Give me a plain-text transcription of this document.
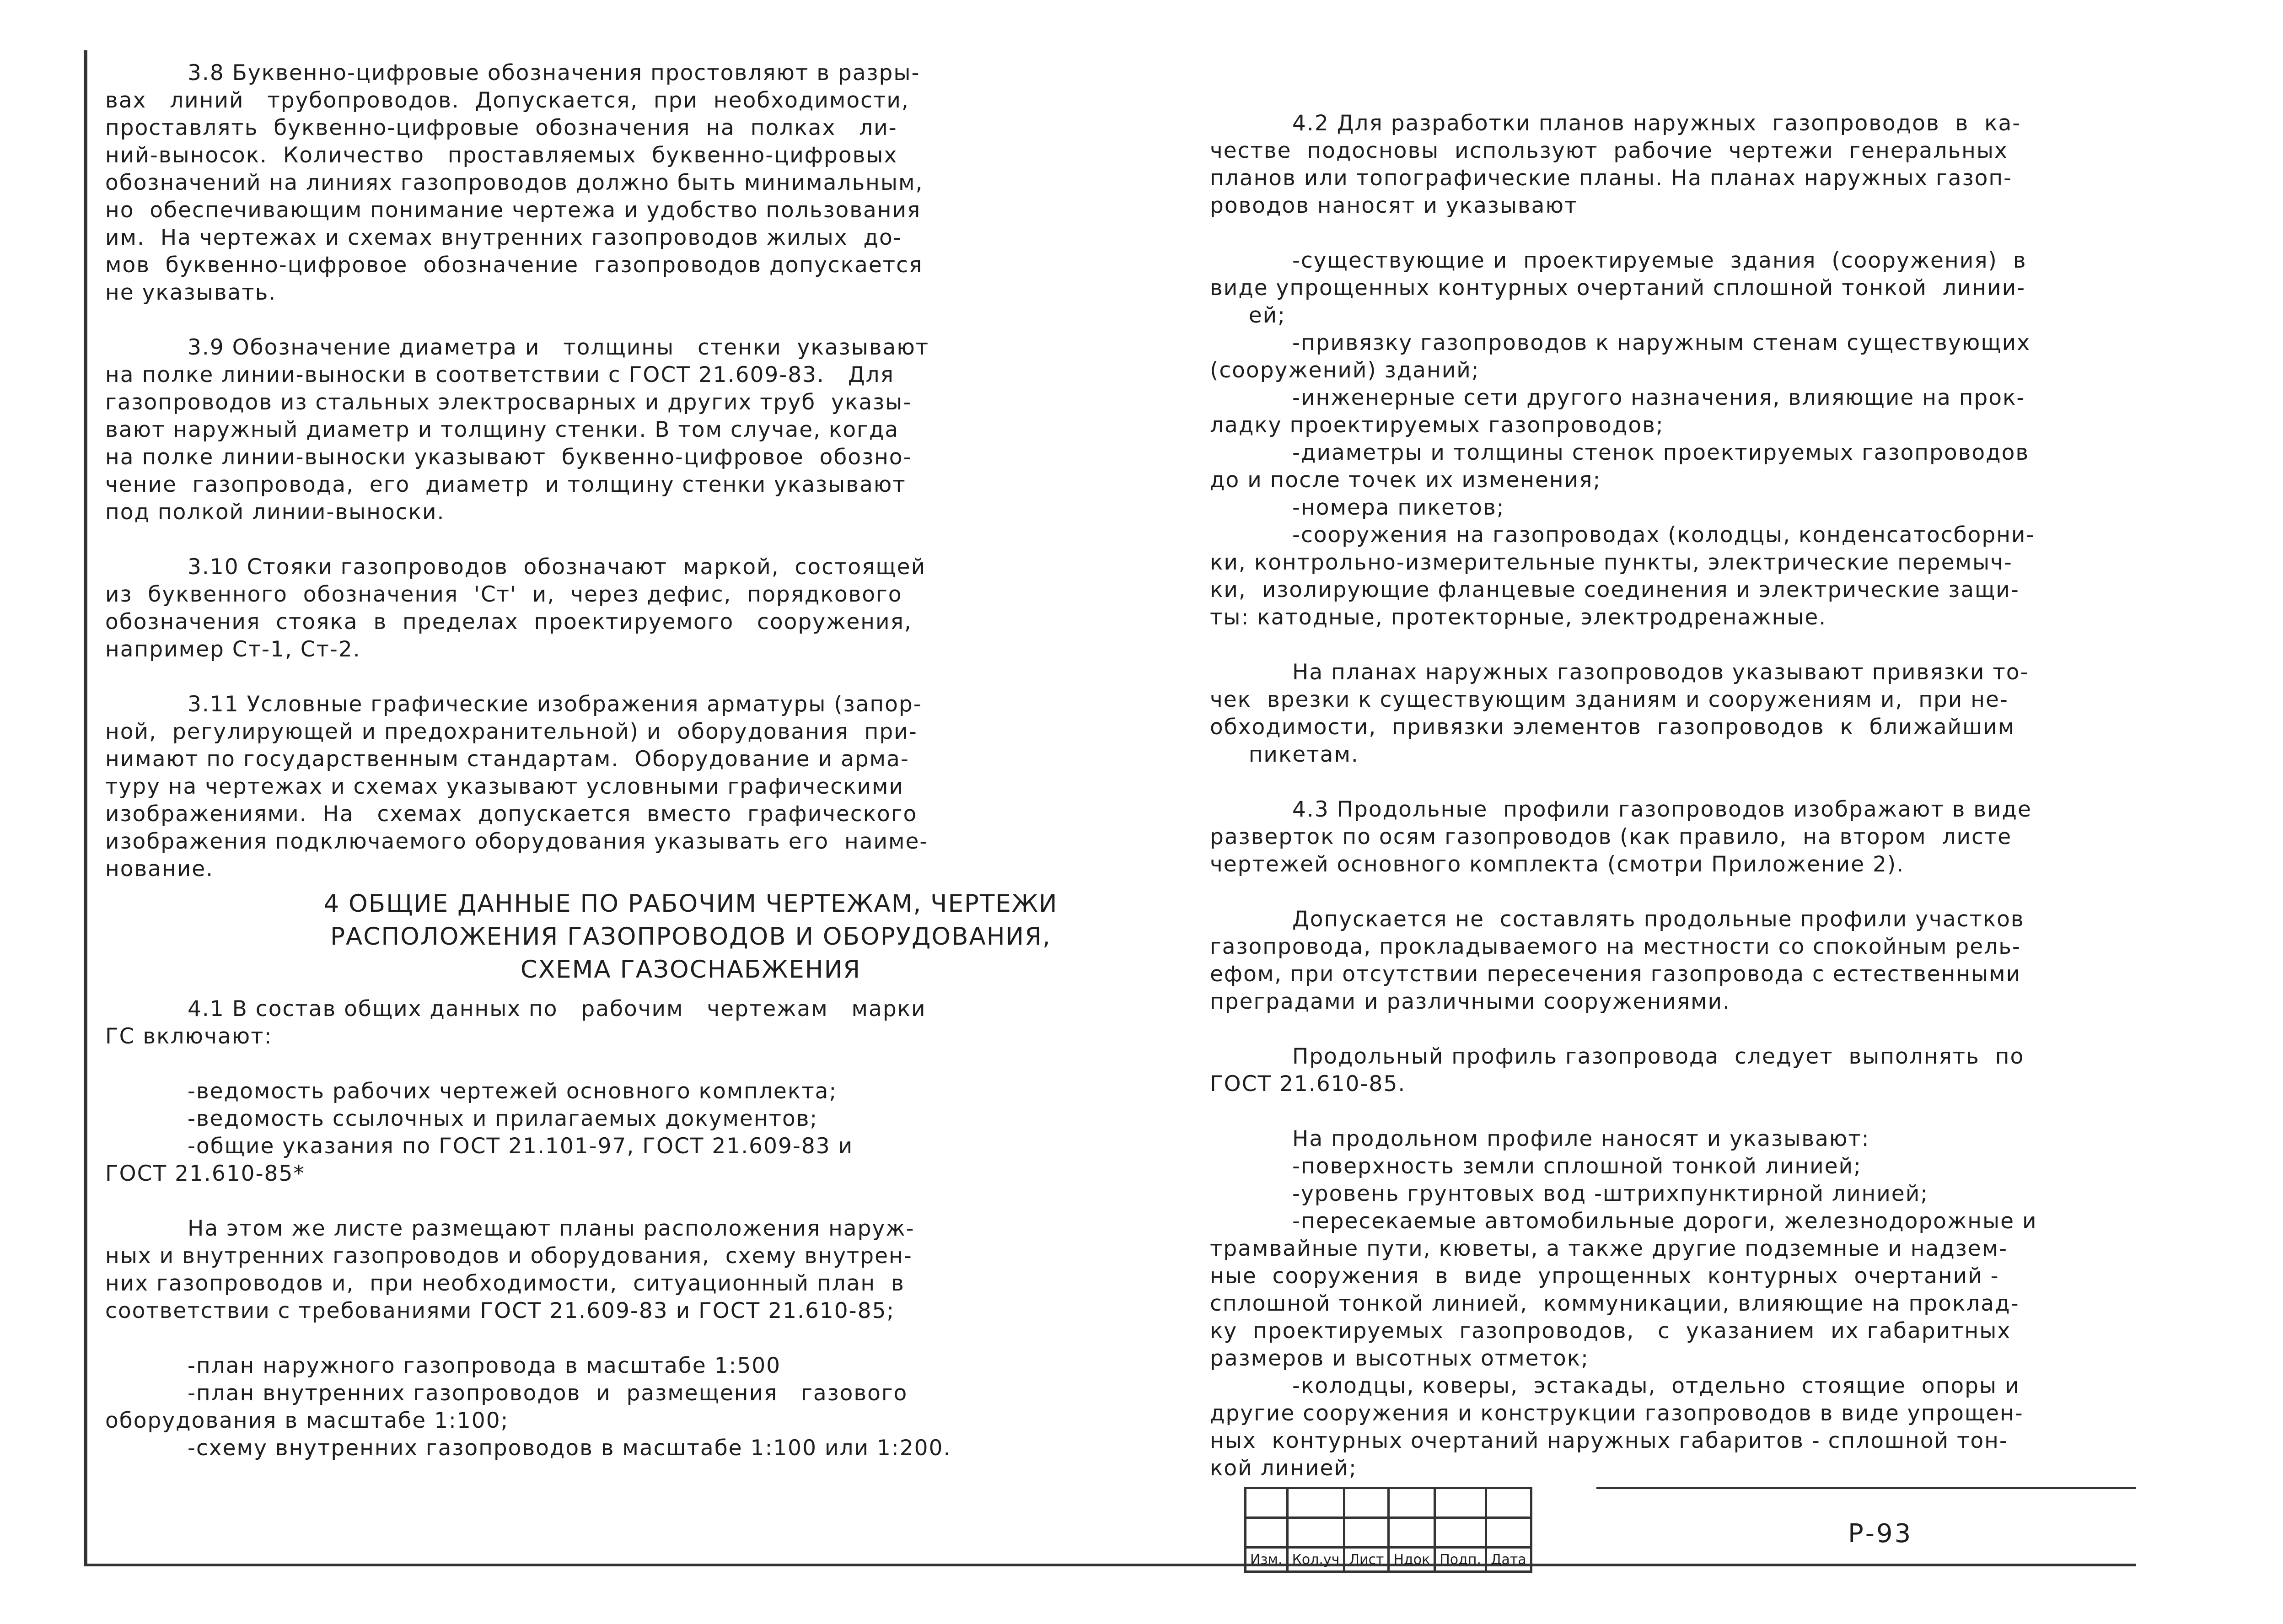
3.8 Буквенно-цифровые обозначения простовляют в разры-
вах   линий   трубопроводов.  Допускается,  при  необходимости,
проставлять  буквенно-цифровые  обозначения  на  полках   ли-
ний-выносок.  Количество   проставляемых  буквенно-цифровых
обозначений на линиях газопроводов должно быть минимальным,
но  обеспечивающим понимание чертежа и удобство пользования
им.  На чертежах и схемах внутренних газопроводов жилых  до-
мов  буквенно-цифровое  обозначение  газопроводов допускается
не указывать.
3.9 Обозначение диаметра и   толщины   стенки  указывают
на полке линии-выноски в соответствии с ГОСТ 21.609-83.   Для
газопроводов из стальных электросварных и других труб  указы-
вают наружный диаметр и толщину стенки. В том случае, когда
на полке линии-выноски указывают  буквенно-цифровое  обозно-
чение  газопровода,  его  диаметр  и толщину стенки указывают
под полкой линии-выноски.
3.10 Стояки газопроводов  обозначают  маркой,  состоящей
из  буквенного  обозначения  'Ст'  и,  через дефис,  порядкового
обозначения  стояка  в  пределах  проектируемого   сооружения,
например Ст-1, Ст-2.
3.11 Условные графические изображения арматуры (запор-
ной,  регулирующей и предохранительной) и  оборудования  при-
нимают по государственным стандартам.  Оборудование и арма-
туру на чертежах и схемах указывают условными графическими
изображениями.  На   схемах  допускается  вместо  графического
изображения подключаемого оборудования указывать его  наиме-
нование.
4 ОБЩИЕ ДАННЫЕ ПО РАБОЧИМ ЧЕРТЕЖАМ, ЧЕРТЕЖИ
РАСПОЛОЖЕНИЯ ГАЗОПРОВОДОВ И ОБОРУДОВАНИЯ,
СХЕМА ГАЗОСНАБЖЕНИЯ
4.1 В состав общих данных по   рабочим   чертежам   марки
ГС включают:
-ведомость рабочих чертежей основного комплекта;
-ведомость ссылочных и прилагаемых документов;
-общие указания по ГОСТ 21.101-97, ГОСТ 21.609-83 и
ГОСТ 21.610-85*
На этом же листе размещают планы расположения наруж-
ных и внутренних газопроводов и оборудования,  схему внутрен-
них газопроводов и,  при необходимости,  ситуационный план  в
соответствии с требованиями ГОСТ 21.609-83 и ГОСТ 21.610-85;
-план наружного газопровода в масштабе 1:500
-план внутренних газопроводов  и  размещения   газового
оборудования в масштабе 1:100;
-схему внутренних газопроводов в масштабе 1:100 или 1:200.
4.2 Для разработки планов наружных  газопроводов  в  ка-
честве  подосновы  используют  рабочие  чертежи  генеральных
планов или топографические планы. На планах наружных газоп-
роводов наносят и указывают
-существующие и  проектируемые  здания  (сооружения)  в
виде упрощенных контурных очертаний сплошной тонкой  линии-
ей;
-привязку газопроводов к наружным стенам существующих
(сооружений) зданий;
-инженерные сети другого назначения, влияющие на прок-
ладку проектируемых газопроводов;
-диаметры и толщины стенок проектируемых газопроводов
до и после точек их изменения;
-номера пикетов;
-сооружения на газопроводах (колодцы, конденсатосборни-
ки, контрольно-измерительные пункты, электрические перемыч-
ки,  изолирующие фланцевые соединения и электрические защи-
ты: катодные, протекторные, электродренажные.
На планах наружных газопроводов указывают привязки то-
чек  врезки к существующим зданиям и сооружениям и,  при не-
обходимости,  привязки элементов  газопроводов  к  ближайшим
пикетам.
4.3 Продольные  профили газопроводов изображают в виде
разверток по осям газопроводов (как правило,  на втором  листе
чертежей основного комплекта (смотри Приложение 2).
Допускается не  составлять продольные профили участков
газопровода, прокладываемого на местности со спокойным рель-
ефом, при отсутствии пересечения газопровода с естественными
преградами и различными сооружениями.
Продольный профиль газопровода  следует  выполнять  по
ГОСТ 21.610-85.
На продольном профиле наносят и указывают:
-поверхность земли сплошной тонкой линией;
-уровень грунтовых вод -штрихпунктирной линией;
-пересекаемые автомобильные дороги, железнодорожные и
трамвайные пути, кюветы, а также другие подземные и надзем-
ные  сооружения  в  виде  упрощенных  контурных  очертаний -
сплошной тонкой линией,  коммуникации, влияющие на проклад-
ку  проектируемых  газопроводов,   с  указанием  их габаритных
размеров и высотных отметок;
-колодцы, коверы,  эстакады,  отдельно  стоящие  опоры и
другие сооружения и конструкции газопроводов в виде упрощен-
ных  контурных очертаний наружных габаритов - сплошной тон-
кой линией;

Изм.	Кол.уч	Лист	Ндок	Подп.	Дата
Р-93
